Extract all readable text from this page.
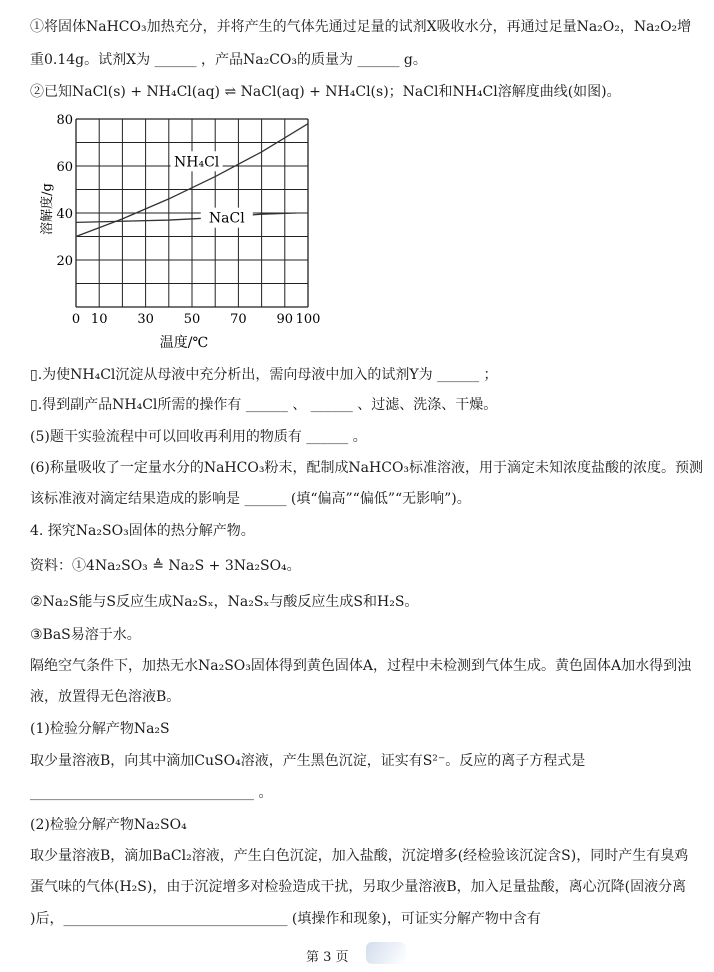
①将固体NaHCO₃加热充分，并将产生的气体先通过足量的试剂X吸收水分，再通过足量Na₂O₂，Na₂O₂增
重0.14g。试剂X为 ______ ，产品Na₂CO₃的质量为 ______ g。
②已知NaCl(s) + NH₄Cl(aq) ⇌ NaCl(aq) + NH₄Cl(s)；NaCl和NH₄Cl溶解度曲线(如图)。
▯.为使NH₄Cl沉淀从母液中充分析出，需向母液中加入的试剂Y为 ______ ；
▯.得到副产品NH₄Cl所需的操作有 ______ 、 ______ 、过滤、洗涤、干燥。
(5)题干实验流程中可以回收再利用的物质有 ______ 。
(6)称量吸收了一定量水分的NaHCO₃粉末，配制成NaHCO₃标准溶液，用于滴定未知浓度盐酸的浓度。预测
该标准液对滴定结果造成的影响是 ______ (填“偏高”“偏低”“无影响”)。
4. 探究Na₂SO₃固体的热分解产物。
资料：①4Na₂SO₃ ≜ Na₂S + 3Na₂SO₄。
②Na₂S能与S反应生成Na₂Sₓ，Na₂Sₓ与酸反应生成S和H₂S。
③BaS易溶于水。
隔绝空气条件下，加热无水Na₂SO₃固体得到黄色固体A，过程中未检测到气体生成。黄色固体A加水得到浊
液，放置得无色溶液B。
(1)检验分解产物Na₂S
取少量溶液B，向其中滴加CuSO₄溶液，产生黑色沉淀，证实有S²⁻。反应的离子方程式是
________________________________ 。
(2)检验分解产物Na₂SO₄
取少量溶液B，滴加BaCl₂溶液，产生白色沉淀，加入盐酸，沉淀增多(经检验该沉淀含S)，同时产生有臭鸡
蛋气味的气体(H₂S)，由于沉淀增多对检验造成干扰，另取少量溶液B，加入足量盐酸，离心沉降(固液分离
)后，________________________________ (填操作和现象)，可证实分解产物中含有
0 10 30 50 70 90 100
20
40
60
80
温度/℃
溶解度/g
NH₄Cl
NaCl
第 3 页
